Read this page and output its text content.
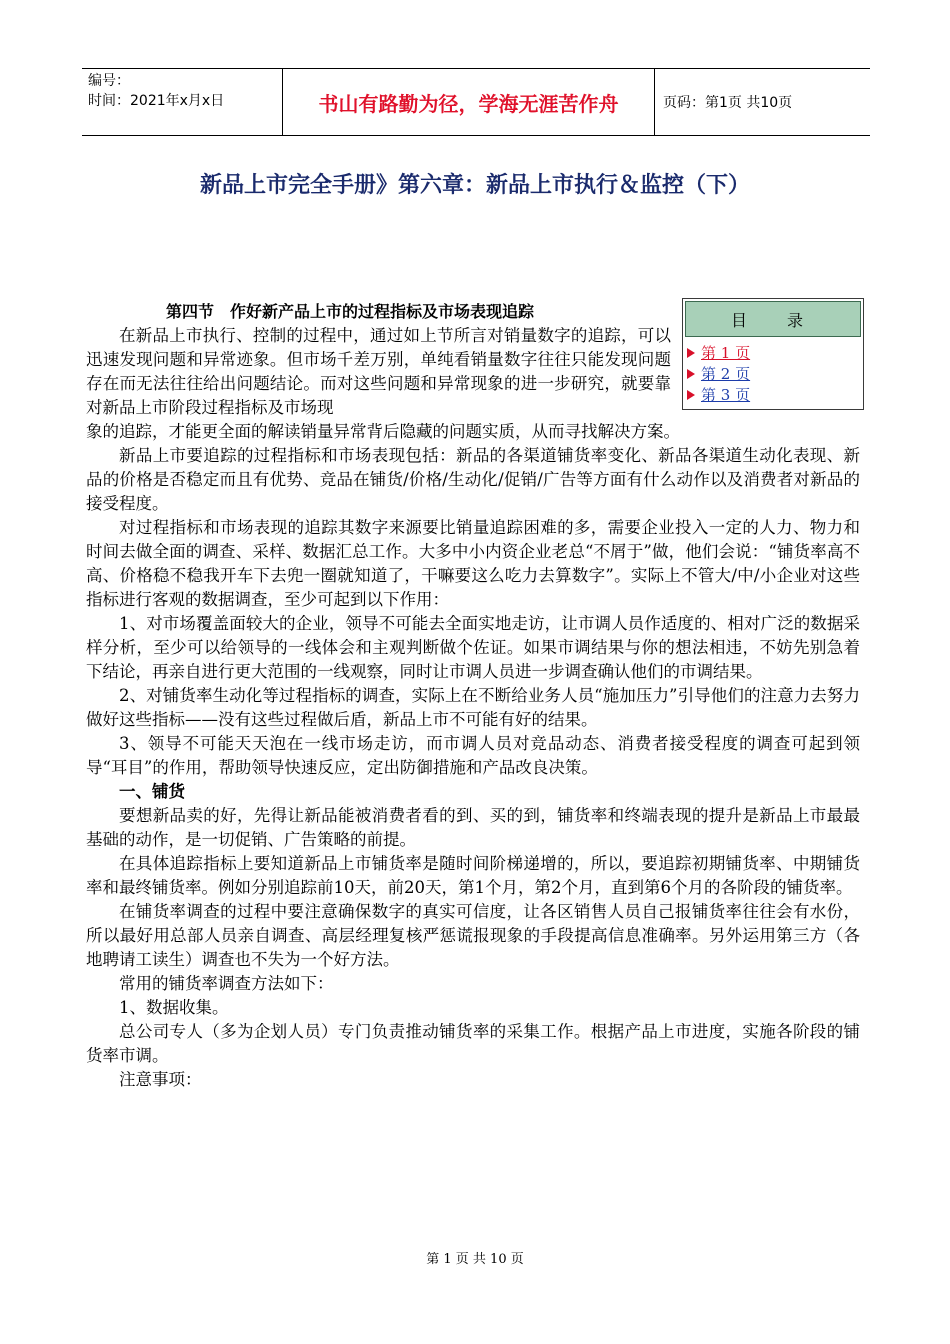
编号：
时间：2021年x月x日	书山有路勤为径，学海无涯苦作舟	页码：第1页 共10页
新品上市完全手册》第六章：新品上市执行＆监控（下）
目　录
第 1 页
第 2 页
第 3 页

第四节　作好新产品上市的过程指标及市场表现追踪

在新品上市执行、控制的过程中，通过如上节所言对销量数字的追踪，可以迅速发现问题和异常迹象。但市场千差万别，单纯看销量数字往往只能发现问题存在而无法往往给出问题结论。而对这些问题和异常现象的进一步研究，就要靠对新品上市阶段过程指标及市场现

象的追踪，才能更全面的解读销量异常背后隐藏的问题实质，从而寻找解决方案。

新品上市要追踪的过程指标和市场表现包括：新品的各渠道铺货率变化、新品各渠道生动化表现、新品的价格是否稳定而且有优势、竞品在铺货/价格/生动化/促销/广告等方面有什么动作以及消费者对新品的接受程度。

对过程指标和市场表现的追踪其数字来源要比销量追踪困难的多，需要企业投入一定的人力、物力和时间去做全面的调查、采样、数据汇总工作。大多中小内资企业老总“不屑于”做，他们会说：“铺货率高不高、价格稳不稳我开车下去兜一圈就知道了，干嘛要这么吃力去算数字”。实际上不管大/中/小企业对这些指标进行客观的数据调查，至少可起到以下作用：

1、对市场覆盖面较大的企业，领导不可能去全面实地走访，让市调人员作适度的、相对广泛的数据采样分析，至少可以给领导的一线体会和主观判断做个佐证。如果市调结果与你的想法相违，不妨先别急着下结论，再亲自进行更大范围的一线观察，同时让市调人员进一步调查确认他们的市调结果。

2、对铺货率生动化等过程指标的调查，实际上在不断给业务人员“施加压力”引导他们的注意力去努力做好这些指标——没有这些过程做后盾，新品上市不可能有好的结果。

3、领导不可能天天泡在一线市场走访，而市调人员对竞品动态、消费者接受程度的调查可起到领导“耳目”的作用，帮助领导快速反应，定出防御措施和产品改良决策。

一、铺货

要想新品卖的好，先得让新品能被消费者看的到、买的到，铺货率和终端表现的提升是新品上市最最基础的动作，是一切促销、广告策略的前提。

在具体追踪指标上要知道新品上市铺货率是随时间阶梯递增的，所以，要追踪初期铺货率、中期铺货率和最终铺货率。例如分别追踪前10天，前20天，第1个月，第2个月，直到第6个月的各阶段的铺货率。

在铺货率调查的过程中要注意确保数字的真实可信度，让各区销售人员自己报铺货率往往会有水份，所以最好用总部人员亲自调查、高层经理复核严惩谎报现象的手段提高信息准确率。另外运用第三方（各地聘请工读生）调查也不失为一个好方法。

常用的铺货率调查方法如下：

1、数据收集。

总公司专人（多为企划人员）专门负责推动铺货率的采集工作。根据产品上市进度，实施各阶段的铺货率市调。

注意事项：

第 1 页 共 10 页
